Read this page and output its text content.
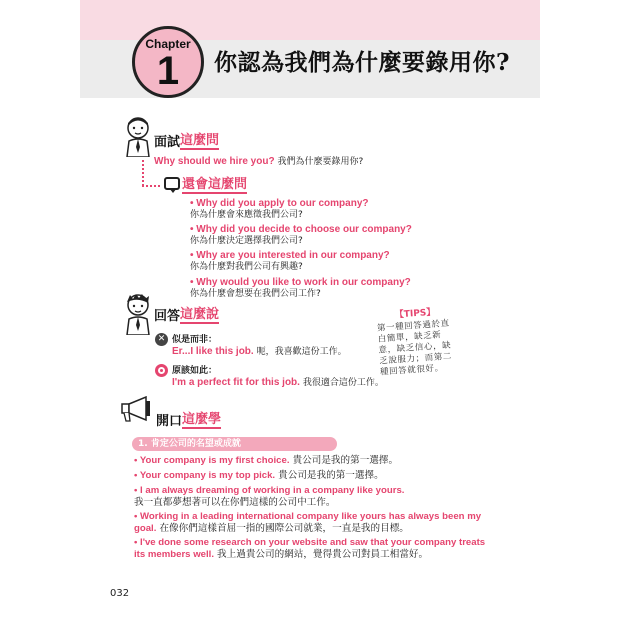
Chapter
1	你認為我們為什麼要錄用你?
面試 這麼問
Why should we hire you? 我們為什麼要錄用你?
還會這麼問
• Why did you apply to our company?
你為什麼會來應徵我們公司?
• Why did you decide to choose our company?
你為什麼決定選擇我們公司?
• Why are you interested in our company?
你為什麼對我們公司有興趣?
• Why would you like to work in our company?
你為什麼會想要在我們公司工作?
回答 這麼說
✕ 似是而非：
Er...I like this job. 呃，我喜歡這份工作。
原該如此：
I'm a perfect fit for this job. 我很適合這份工作。
【TIPS】
第一種回答過於直白簡單，缺乏新意，缺乏信心，缺乏說服力；而第二種回答就很好。
開口 這麼學
1. 肯定公司的名望或成就
• Your company is my first choice. 貴公司是我的第一選擇。
• Your company is my top pick. 貴公司是我的第一選擇。
• I am always dreaming of working in a company like yours.
我一直都夢想著可以在你們這樣的公司中工作。
• Working in a leading international company like yours has always been my goal. 在像你們這樣首屈一指的國際公司就業，一直是我的目標。
• I've done some research on your website and saw that your company treats its members well. 我上過貴公司的網站，覺得貴公司對員工相當好。
032
